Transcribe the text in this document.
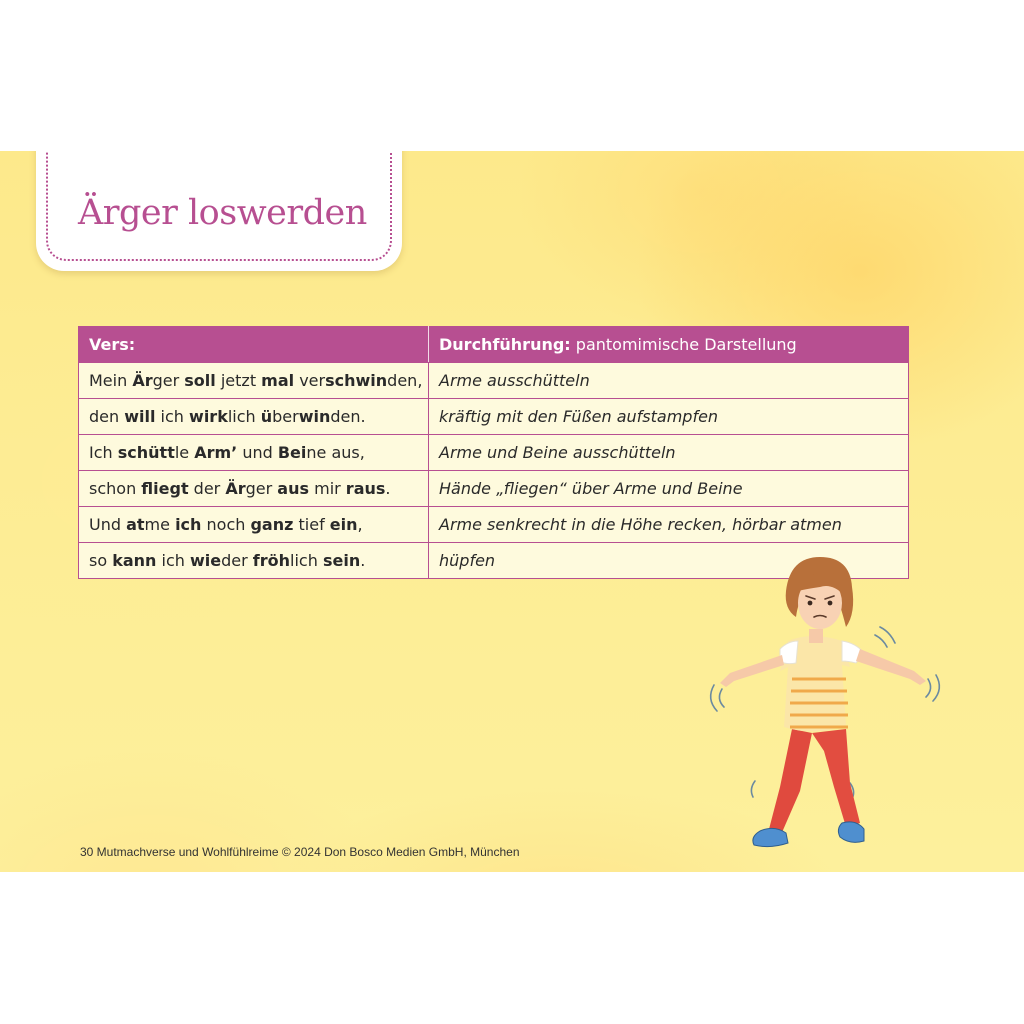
Ärger loswerden
Vers:	Durchführung: pantomimische Darstellung
Mein Ärger soll jetzt mal verschwinden,	Arme ausschütteln
den will ich wirklich überwinden.	kräftig mit den Füßen aufstampfen
Ich schüttle Arm’ und Beine aus,	Arme und Beine ausschütteln
schon fliegt der Ärger aus mir raus.	Hände „fliegen“ über Arme und Beine
Und atme ich noch ganz tief ein,	Arme senkrecht in die Höhe recken, hörbar atmen
so kann ich wieder fröhlich sein.	hüpfen

30 Mutmachverse und Wohlfühlreime © 2024 Don Bosco Medien GmbH, München
